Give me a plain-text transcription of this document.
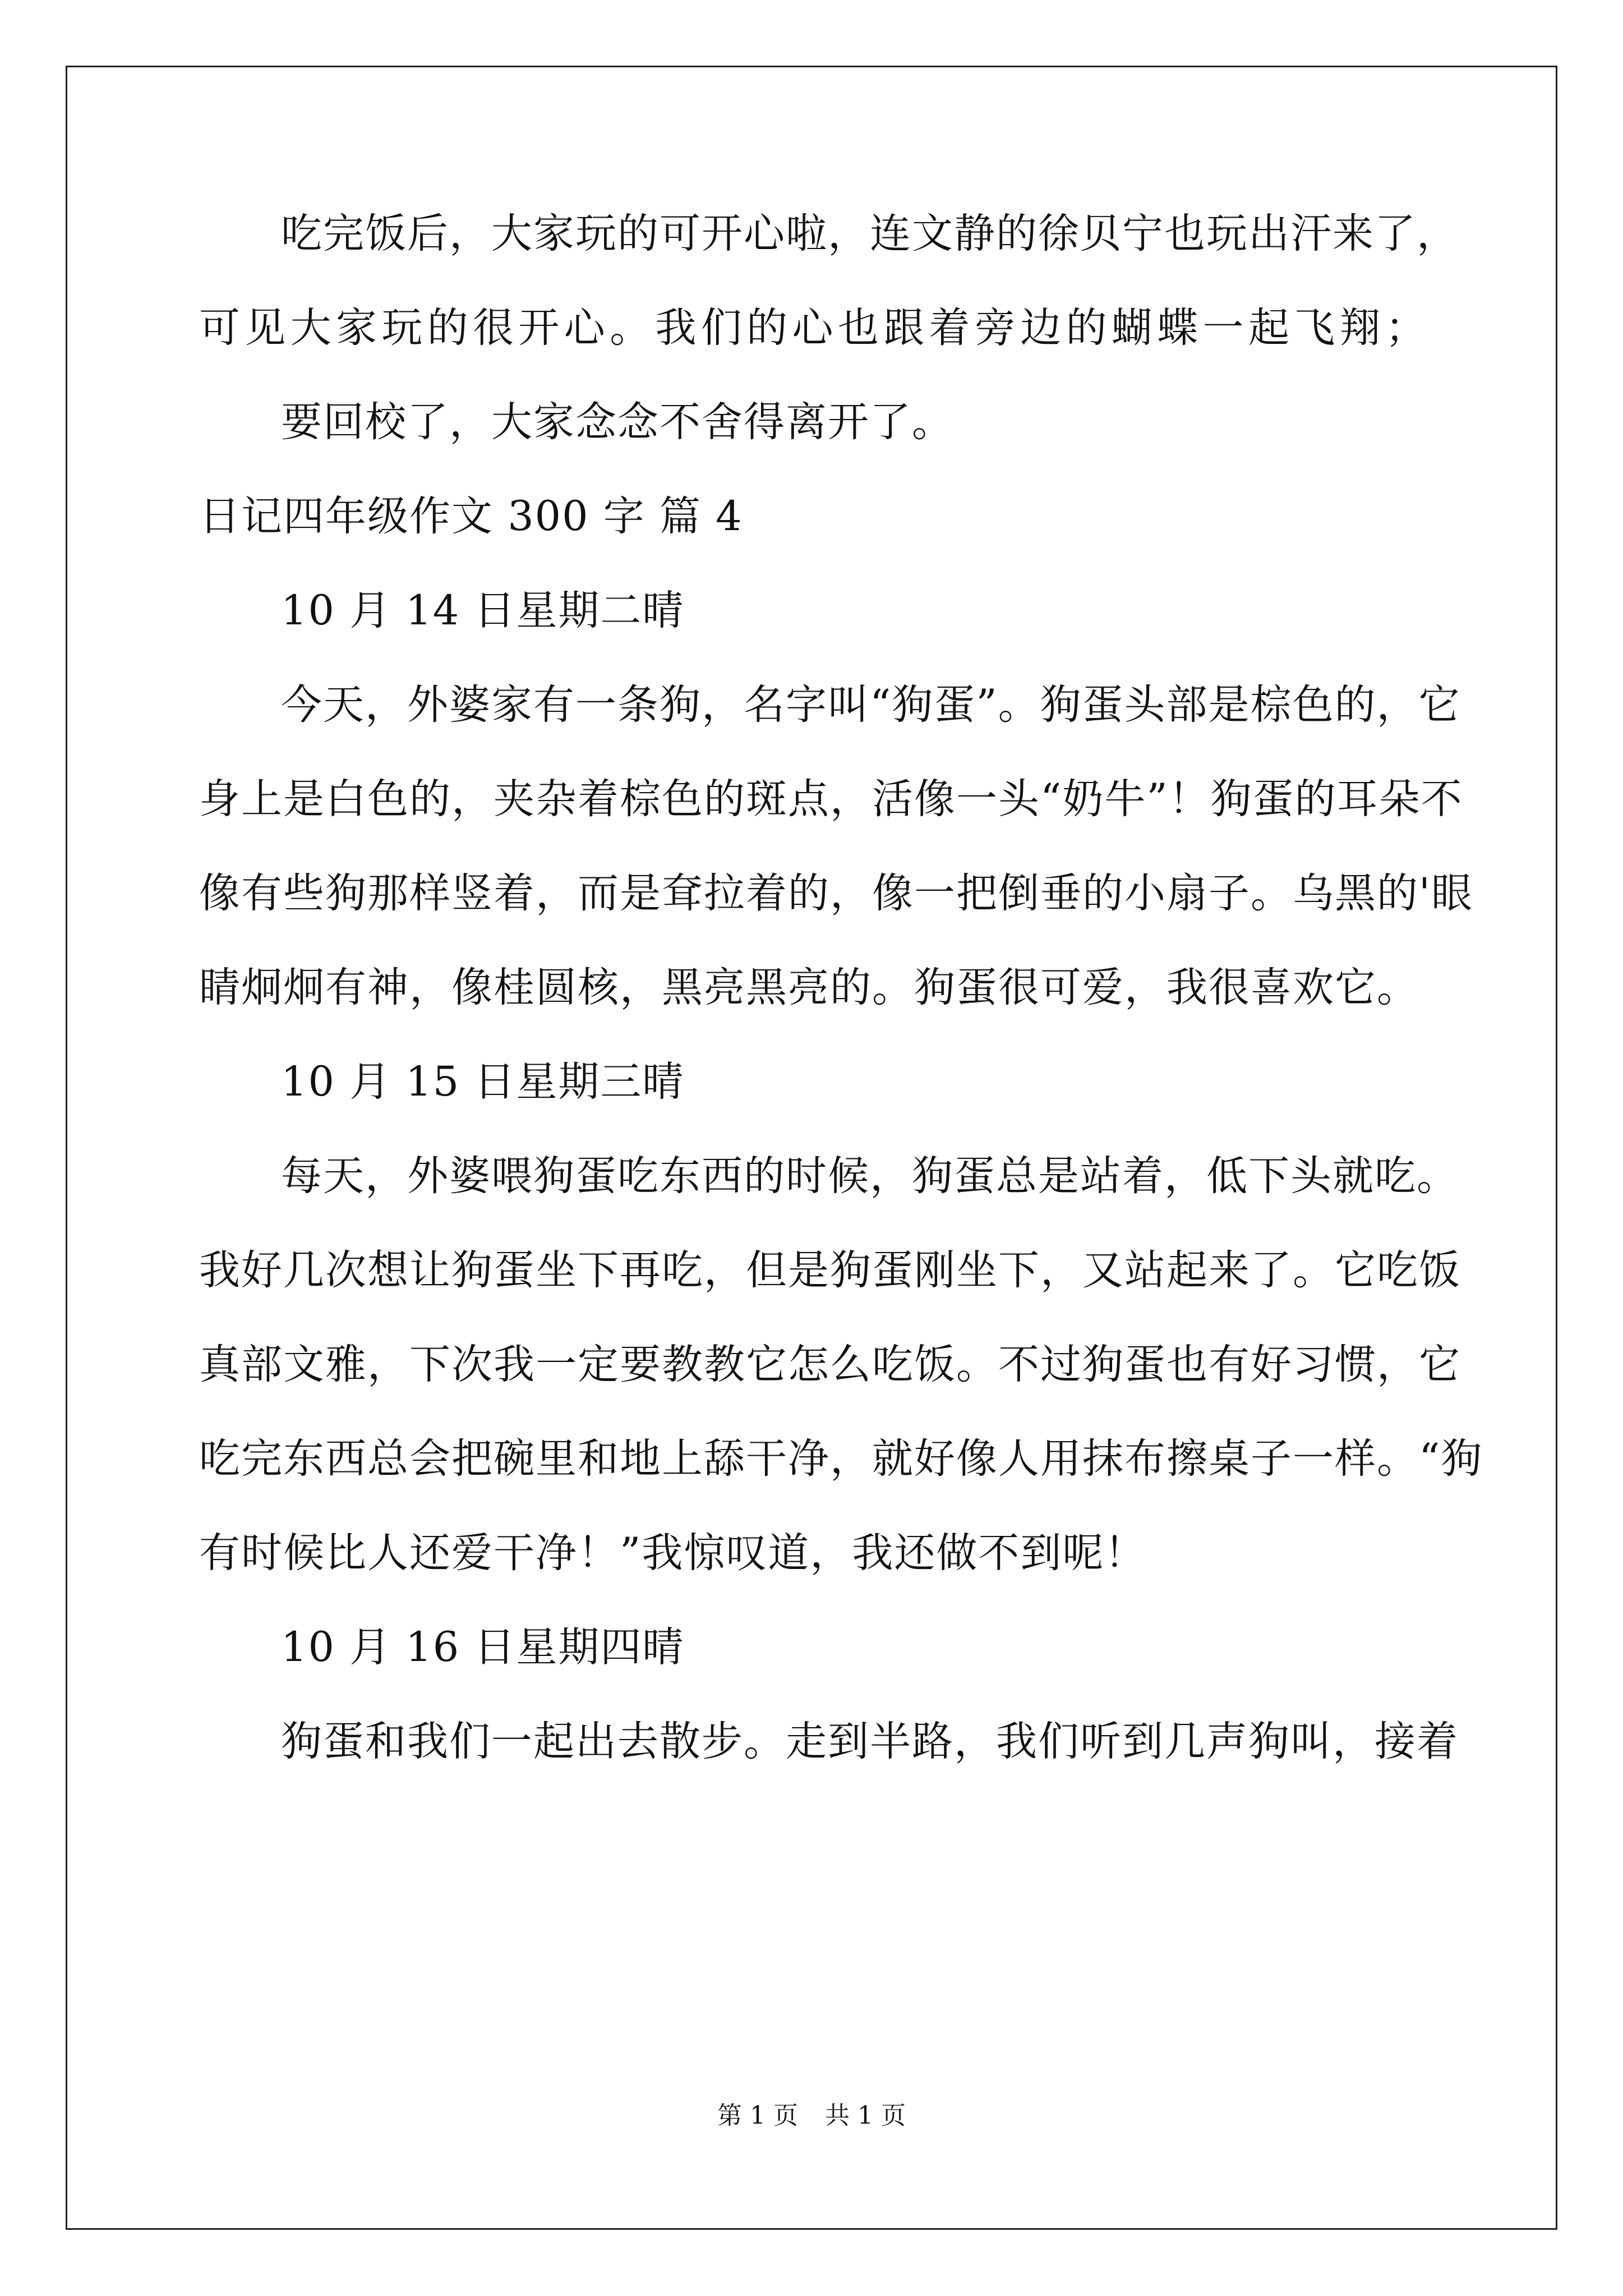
吃完饭后，大家玩的可开心啦，连文静的徐贝宁也玩出汗来了，
可见大家玩的很开心。我们的心也跟着旁边的蝴蝶一起飞翔；
要回校了，大家念念不舍得离开了。
日记四年级作文 300 字 篇 4
10 月 14 日星期二晴
今天，外婆家有一条狗，名字叫“狗蛋”。狗蛋头部是棕色的，它
身上是白色的，夹杂着棕色的斑点，活像一头“奶牛”！狗蛋的耳朵不
像有些狗那样竖着，而是耷拉着的，像一把倒垂的小扇子。乌黑的'眼
睛炯炯有神，像桂圆核，黑亮黑亮的。狗蛋很可爱，我很喜欢它。
10 月 15 日星期三晴
每天，外婆喂狗蛋吃东西的时候，狗蛋总是站着，低下头就吃。
我好几次想让狗蛋坐下再吃，但是狗蛋刚坐下，又站起来了。它吃饭
真部文雅，下次我一定要教教它怎么吃饭。不过狗蛋也有好习惯，它
吃完东西总会把碗里和地上舔干净，就好像人用抹布擦桌子一样。“狗
有时候比人还爱干净！”我惊叹道，我还做不到呢！
10 月 16 日星期四晴
狗蛋和我们一起出去散步。走到半路，我们听到几声狗叫，接着
第 1 页 共 1 页
